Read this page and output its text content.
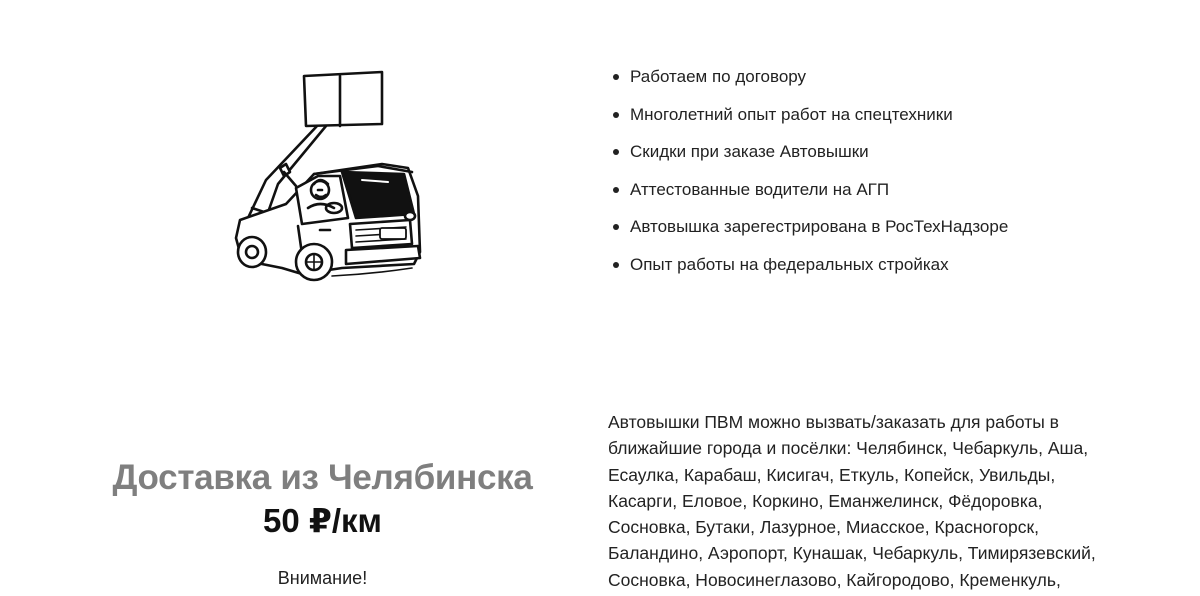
Работаем по договору
Многолетний опыт работ на спецтехники
Скидки при заказе Автовышки
Аттестованные водители на АГП
Автовышка зарегестрирована в РосТехНадзоре
Опыт работы на федеральных стройках
Доставка из Челябинска
50 ₽/км
Внимание!

Автовышки ПВМ можно вызвать/заказать для работы в ближайшие города и посёлки: Челябинск, Чебаркуль, Аша, Есаулка, Карабаш, Кисигач, Еткуль, Копейск, Увильды, Касарги, Еловое, Коркино, Еманжелинск, Фёдоровка, Сосновка, Бутаки, Лазурное, Миасское, Красногорск, Баландино, Аэропорт, Кунашак, Чебаркуль, Тимирязевский, Сосновка, Новосинеглазово, Кайгородово, Кременкуль,
